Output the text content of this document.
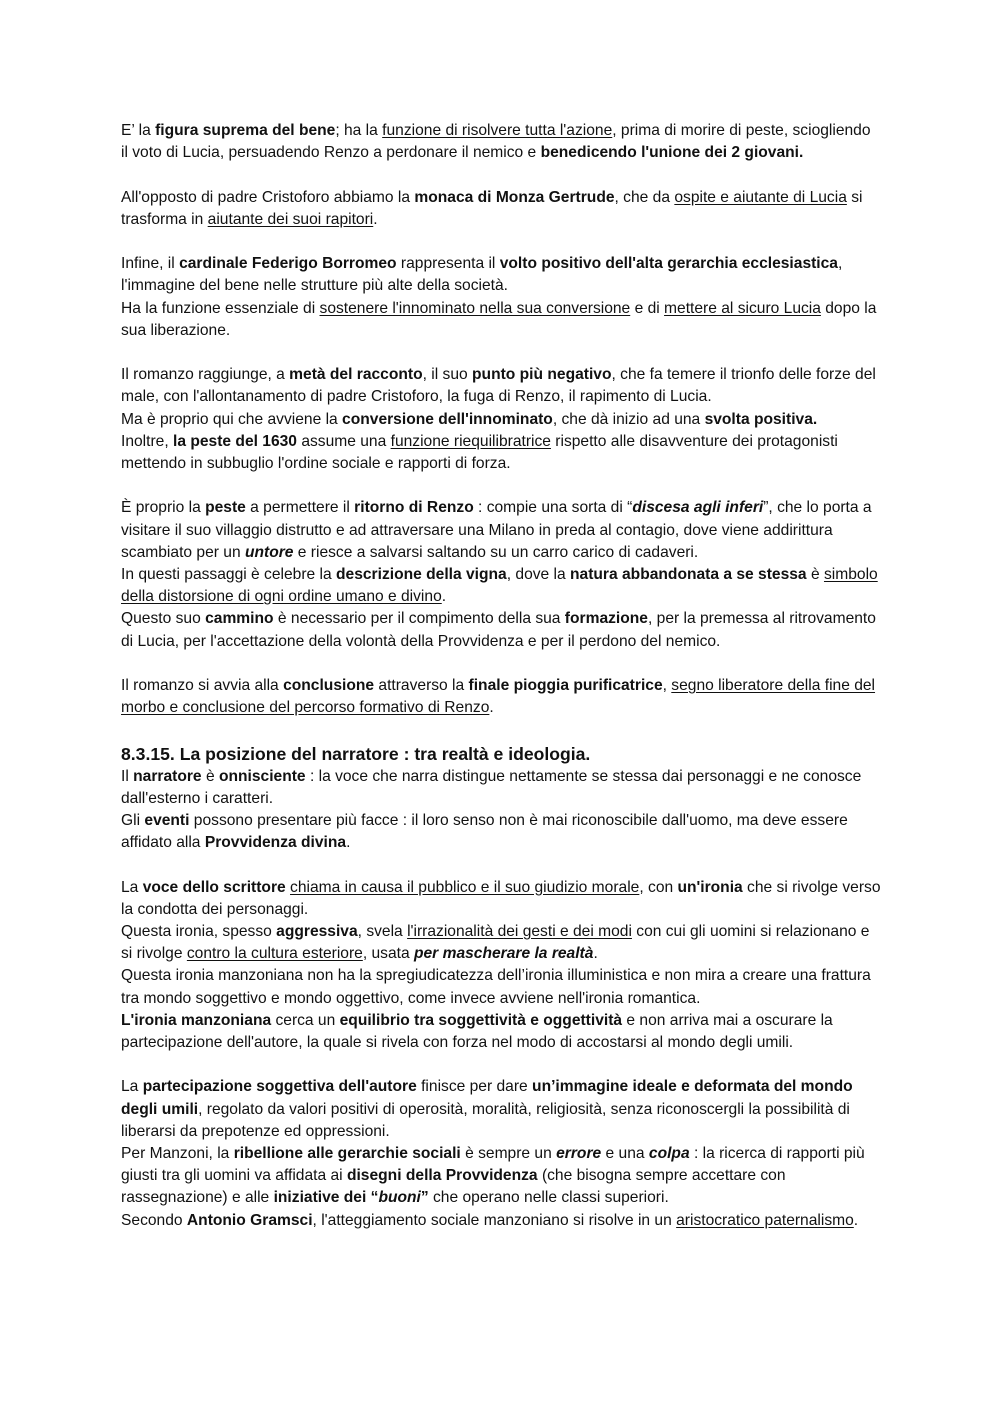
E’ la figura suprema del bene; ha la funzione di risolvere tutta l'azione, prima di morire di peste, sciogliendo il voto di Lucia, persuadendo Renzo a perdonare il nemico e benedicendo l'unione dei 2 giovani.

All'opposto di padre Cristoforo abbiamo la monaca di Monza Gertrude, che da ospite e aiutante di Lucia si trasforma in aiutante dei suoi rapitori.

Infine, il cardinale Federigo Borromeo rappresenta il volto positivo dell'alta gerarchia ecclesiastica, l'immagine del bene nelle strutture più alte della società.
Ha la funzione essenziale di sostenere l'innominato nella sua conversione e di mettere al sicuro Lucia dopo la sua liberazione.

Il romanzo raggiunge, a metà del racconto, il suo punto più negativo, che fa temere il trionfo delle forze del male, con l'allontanamento di padre Cristoforo, la fuga di Renzo, il rapimento di Lucia.
Ma è proprio qui che avviene la conversione dell'innominato, che dà inizio ad una svolta positiva.
Inoltre, la peste del 1630 assume una funzione riequilibratrice rispetto alle disavventure dei protagonisti mettendo in subbuglio l'ordine sociale e rapporti di forza.

È proprio la peste a permettere il ritorno di Renzo : compie una sorta di “discesa agli inferi”, che lo porta a visitare il suo villaggio distrutto e ad attraversare una Milano in preda al contagio, dove viene addirittura scambiato per un untore e riesce a salvarsi saltando su un carro carico di cadaveri.
In questi passaggi è celebre la descrizione della vigna, dove la natura abbandonata a se stessa è simbolo della distorsione di ogni ordine umano e divino.
Questo suo cammino è necessario per il compimento della sua formazione, per la premessa al ritrovamento di Lucia, per l'accettazione della volontà della Provvidenza e per il perdono del nemico.

Il romanzo si avvia alla conclusione attraverso la finale pioggia purificatrice, segno liberatore della fine del morbo e conclusione del percorso formativo di Renzo.

8.3.15. La posizione del narratore : tra realtà e ideologia.

Il narratore è onnisciente : la voce che narra distingue nettamente se stessa dai personaggi e ne conosce dall'esterno i caratteri.
Gli eventi possono presentare più facce : il loro senso non è mai riconoscibile dall'uomo, ma deve essere affidato alla Provvidenza divina.

La voce dello scrittore chiama in causa il pubblico e il suo giudizio morale, con un'ironia che si rivolge verso la condotta dei personaggi.
Questa ironia, spesso aggressiva, svela l'irrazionalità dei gesti e dei modi con cui gli uomini si relazionano e si rivolge contro la cultura esteriore, usata per mascherare la realtà.
Questa ironia manzoniana non ha la spregiudicatezza dell’ironia illuministica e non mira a creare una frattura tra mondo soggettivo e mondo oggettivo, come invece avviene nell'ironia romantica.
L'ironia manzoniana cerca un equilibrio tra soggettività e oggettività e non arriva mai a oscurare la partecipazione dell'autore, la quale si rivela con forza nel modo di accostarsi al mondo degli umili.

La partecipazione soggettiva dell'autore finisce per dare un’immagine ideale e deformata del mondo degli umili, regolato da valori positivi di operosità, moralità, religiosità, senza riconoscergli la possibilità di liberarsi da prepotenze ed oppressioni.
Per Manzoni, la ribellione alle gerarchie sociali è sempre un errore e una colpa : la ricerca di rapporti più giusti tra gli uomini va affidata ai disegni della Provvidenza (che bisogna sempre accettare con rassegnazione) e alle iniziative dei “buoni” che operano nelle classi superiori.
Secondo Antonio Gramsci, l'atteggiamento sociale manzoniano si risolve in un aristocratico paternalismo.
